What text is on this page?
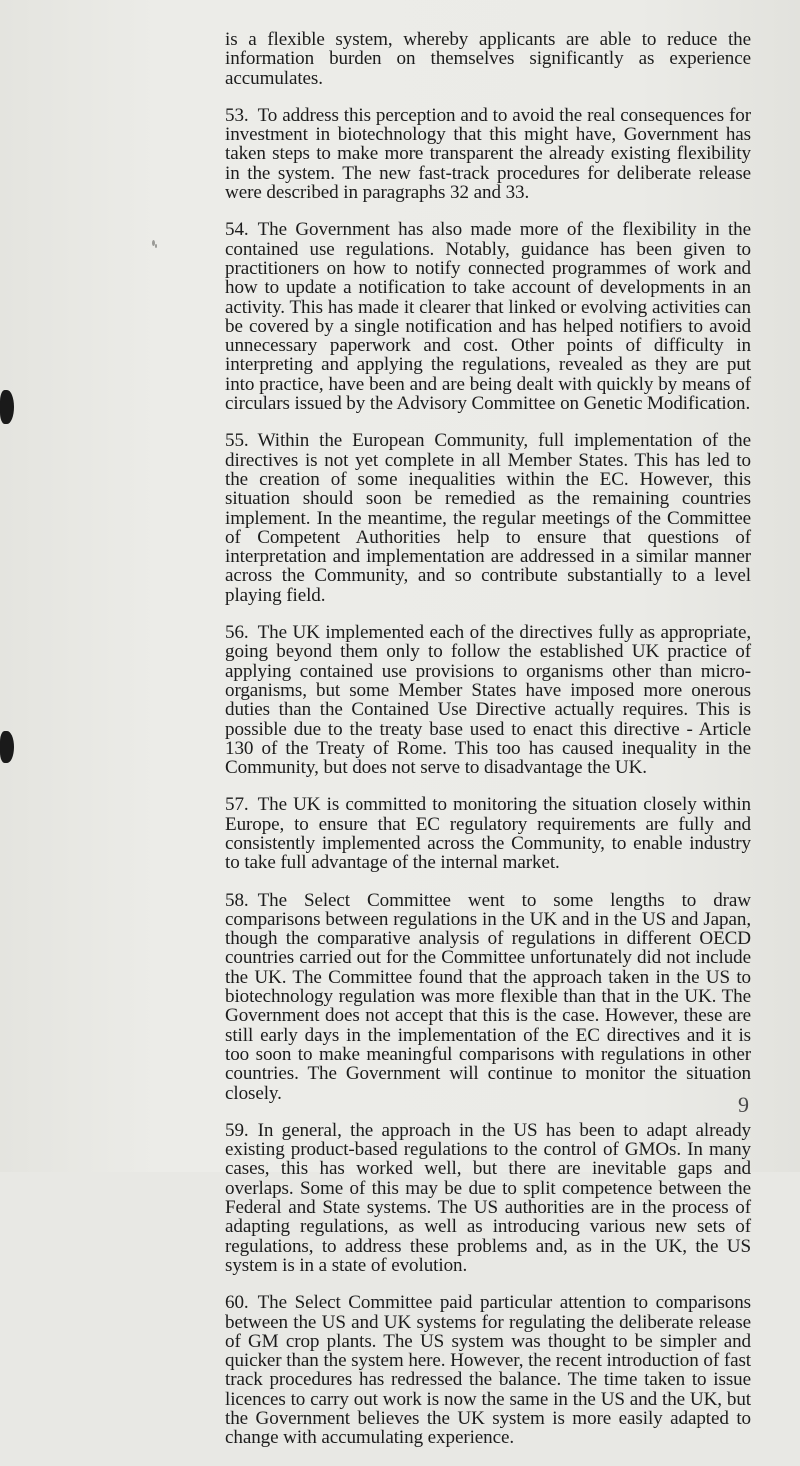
is a flexible system, whereby applicants are able to reduce the information burden on themselves significantly as experience accumulates.

53. To address this perception and to avoid the real consequences for investment in biotechnology that this might have, Government has taken steps to make more transparent the already existing flexibility in the system. The new fast-track procedures for deliberate release were described in paragraphs 32 and 33.

54. The Government has also made more of the flexibility in the contained use regulations. Notably, guidance has been given to practitioners on how to notify connected programmes of work and how to update a notification to take account of developments in an activity. This has made it clearer that linked or evolving activities can be covered by a single notification and has helped notifiers to avoid unnecessary paperwork and cost. Other points of difficulty in interpreting and applying the regulations, revealed as they are put into practice, have been and are being dealt with quickly by means of circulars issued by the Advisory Committee on Genetic Modification.

55. Within the European Community, full implementation of the directives is not yet complete in all Member States. This has led to the creation of some inequalities within the EC. However, this situation should soon be remedied as the remaining countries implement. In the meantime, the regular meetings of the Committee of Competent Authorities help to ensure that questions of interpretation and implementation are addressed in a similar manner across the Community, and so contribute substantially to a level playing field.

56. The UK implemented each of the directives fully as appropriate, going beyond them only to follow the established UK practice of applying contained use provisions to organisms other than micro-organisms, but some Member States have imposed more onerous duties than the Contained Use Directive actually requires. This is possible due to the treaty base used to enact this directive - Article 130 of the Treaty of Rome. This too has caused inequality in the Community, but does not serve to disadvantage the UK.

57. The UK is committed to monitoring the situation closely within Europe, to ensure that EC regulatory requirements are fully and consistently implemented across the Community, to enable industry to take full advantage of the internal market.

58. The Select Committee went to some lengths to draw comparisons between regulations in the UK and in the US and Japan, though the comparative analysis of regulations in different OECD countries carried out for the Committee unfortunately did not include the UK. The Committee found that the approach taken in the US to biotechnology regulation was more flexible than that in the UK. The Government does not accept that this is the case. However, these are still early days in the implementation of the EC directives and it is too soon to make meaningful comparisons with regulations in other countries. The Government will continue to monitor the situation closely.

59. In general, the approach in the US has been to adapt already existing product-based regulations to the control of GMOs. In many cases, this has worked well, but there are inevitable gaps and overlaps. Some of this may be due to split competence between the Federal and State systems. The US authorities are in the process of adapting regulations, as well as introducing various new sets of regulations, to address these problems and, as in the UK, the US system is in a state of evolution.

60. The Select Committee paid particular attention to comparisons between the US and UK systems for regulating the deliberate release of GM crop plants. The US system was thought to be simpler and quicker than the system here. However, the recent introduction of fast track procedures has redressed the balance. The time taken to issue licences to carry out work is now the same in the US and the UK, but the Government believes the UK system is more easily adapted to change with accumulating experience.

9
